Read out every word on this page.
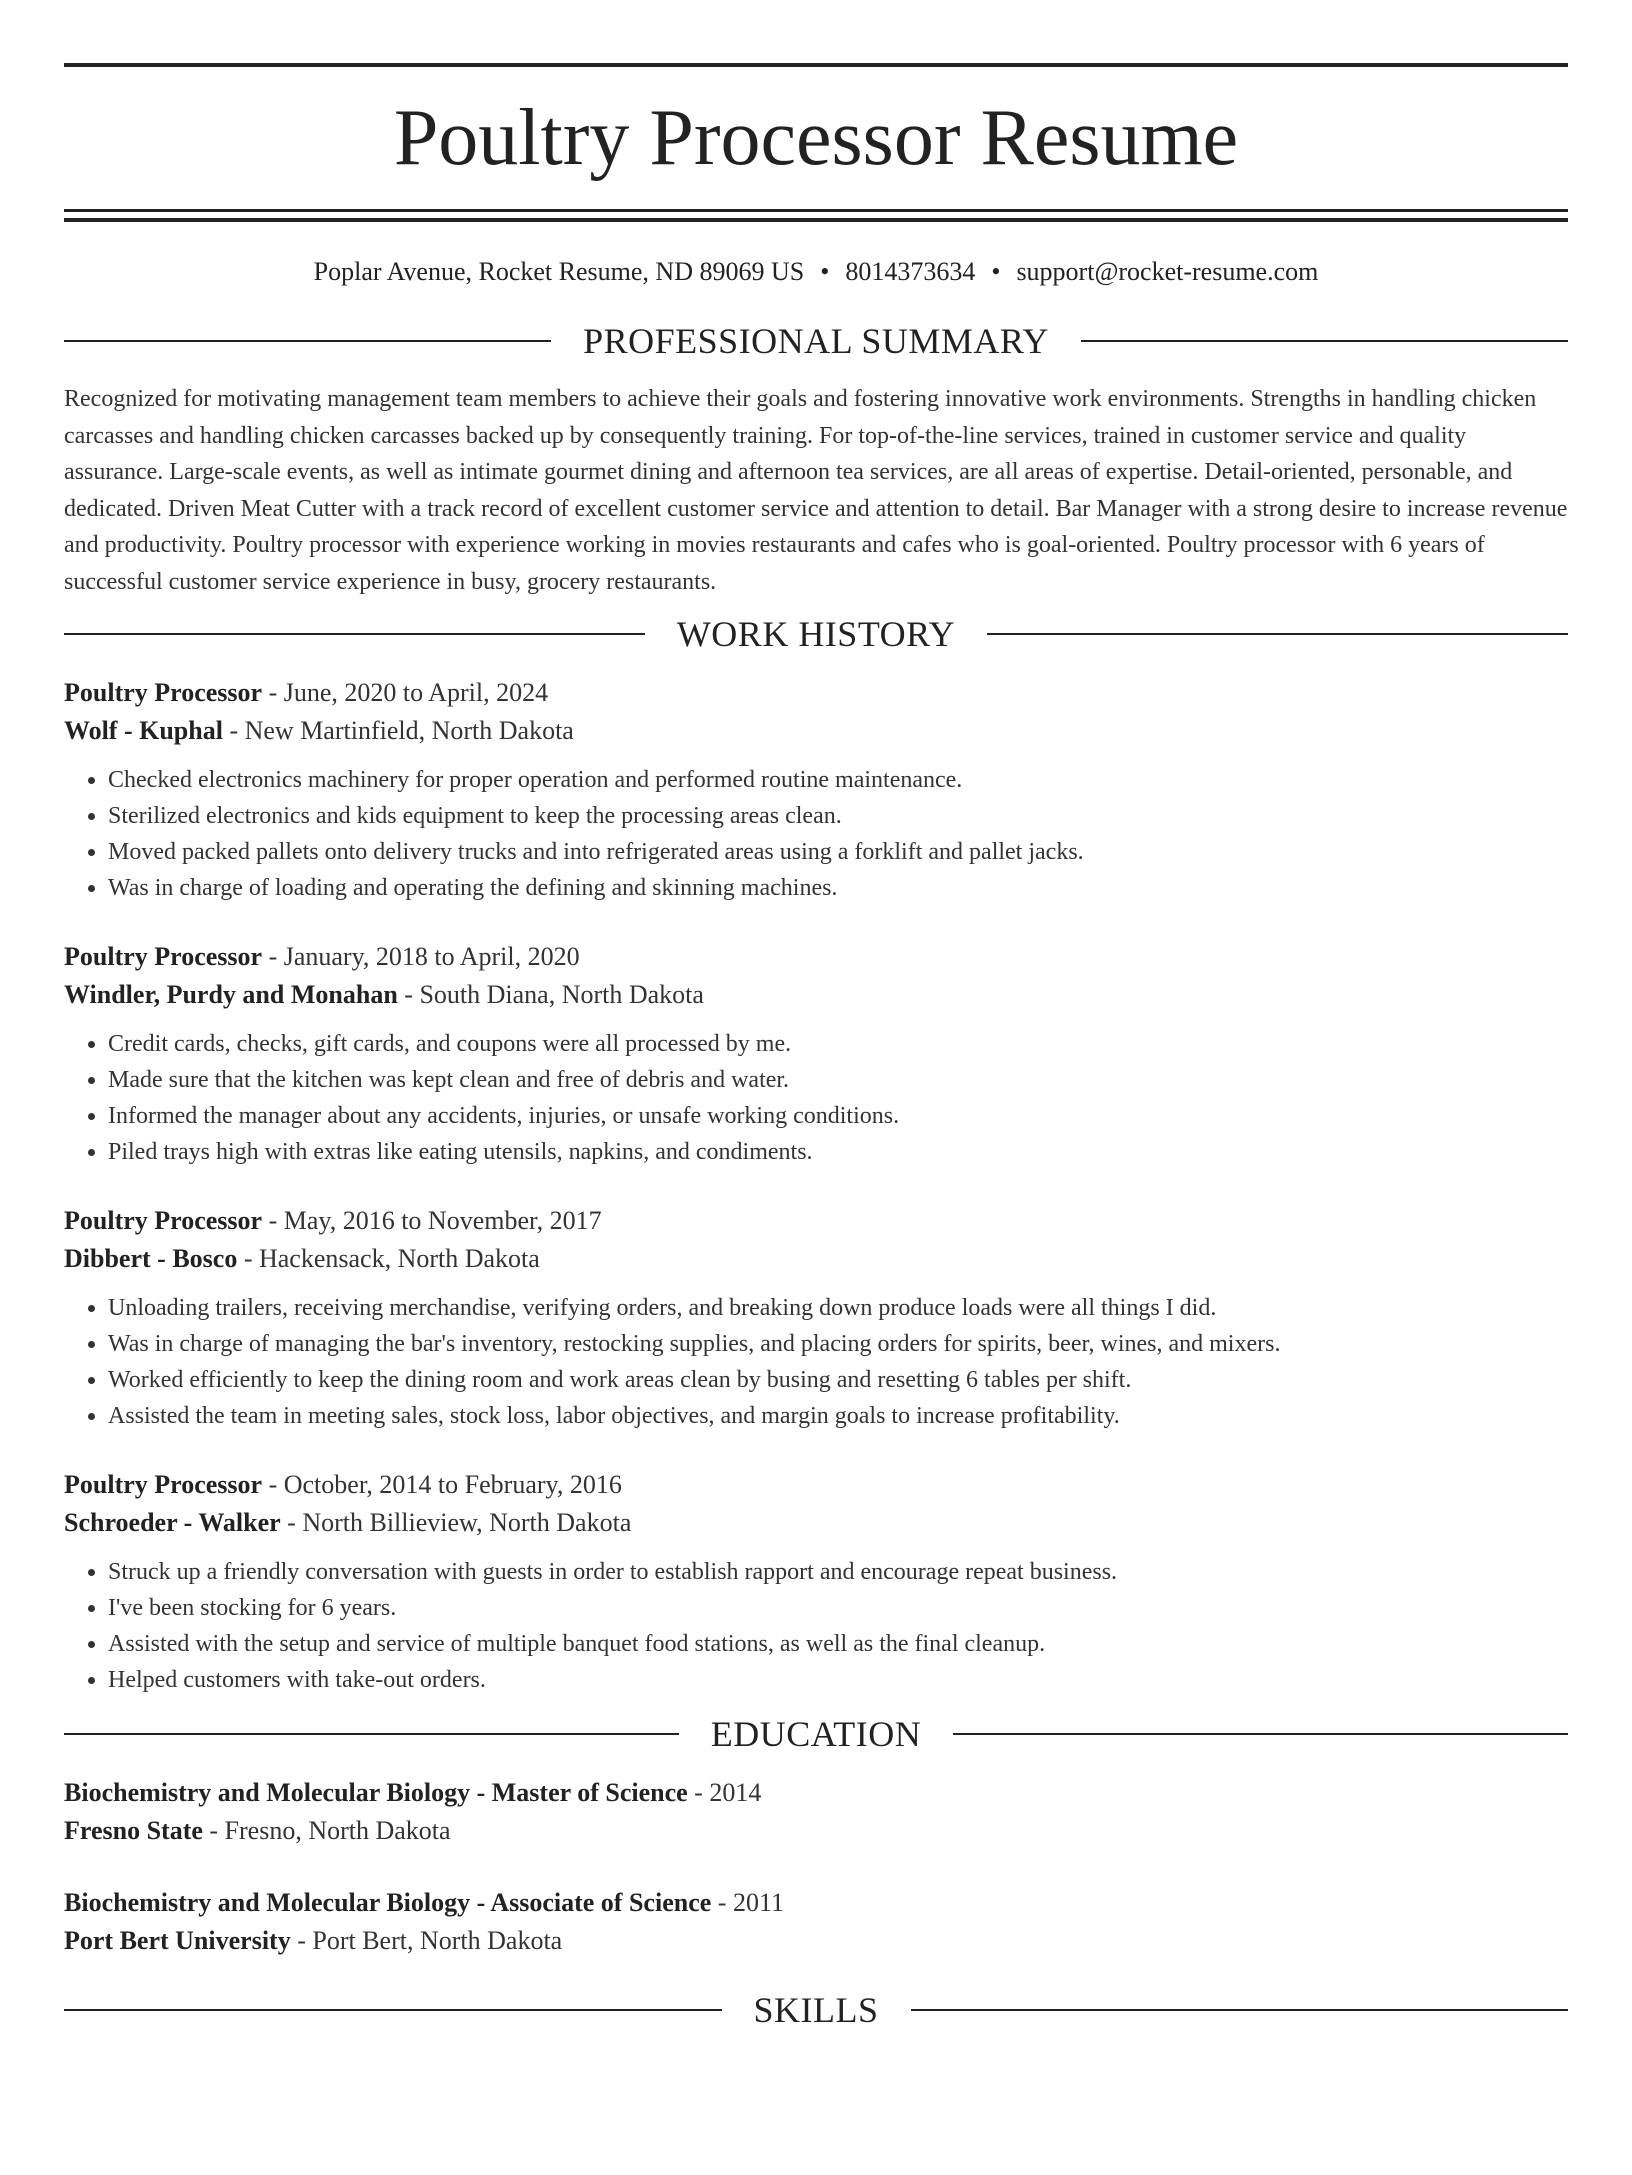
Poultry Processor Resume
Poplar Avenue, Rocket Resume, ND 89069 US • 8014373634 • support@rocket-resume.com
PROFESSIONAL SUMMARY

Recognized for motivating management team members to achieve their goals and fostering innovative work environments. Strengths in handling chicken carcasses and handling chicken carcasses backed up by consequently training. For top-of-the-line services, trained in customer service and quality assurance. Large-scale events, as well as intimate gourmet dining and afternoon tea services, are all areas of expertise. Detail-oriented, personable, and dedicated. Driven Meat Cutter with a track record of excellent customer service and attention to detail. Bar Manager with a strong desire to increase revenue and productivity. Poultry processor with experience working in movies restaurants and cafes who is goal-oriented. Poultry processor with 6 years of successful customer service experience in busy, grocery restaurants.

WORK HISTORY
Poultry Processor - June, 2020 to April, 2024
Wolf - Kuphal - New Martinfield, North Dakota
• Checked electronics machinery for proper operation and performed routine maintenance.
• Sterilized electronics and kids equipment to keep the processing areas clean.
• Moved packed pallets onto delivery trucks and into refrigerated areas using a forklift and pallet jacks.
• Was in charge of loading and operating the defining and skinning machines.
Poultry Processor - January, 2018 to April, 2020
Windler, Purdy and Monahan - South Diana, North Dakota
• Credit cards, checks, gift cards, and coupons were all processed by me.
• Made sure that the kitchen was kept clean and free of debris and water.
• Informed the manager about any accidents, injuries, or unsafe working conditions.
• Piled trays high with extras like eating utensils, napkins, and condiments.
Poultry Processor - May, 2016 to November, 2017
Dibbert - Bosco - Hackensack, North Dakota
• Unloading trailers, receiving merchandise, verifying orders, and breaking down produce loads were all things I did.
• Was in charge of managing the bar's inventory, restocking supplies, and placing orders for spirits, beer, wines, and mixers.
• Worked efficiently to keep the dining room and work areas clean by busing and resetting 6 tables per shift.
• Assisted the team in meeting sales, stock loss, labor objectives, and margin goals to increase profitability.
Poultry Processor - October, 2014 to February, 2016
Schroeder - Walker - North Billieview, North Dakota
• Struck up a friendly conversation with guests in order to establish rapport and encourage repeat business.
• I've been stocking for 6 years.
• Assisted with the setup and service of multiple banquet food stations, as well as the final cleanup.
• Helped customers with take-out orders.
EDUCATION
Biochemistry and Molecular Biology - Master of Science - 2014
Fresno State - Fresno, North Dakota
Biochemistry and Molecular Biology - Associate of Science - 2011
Port Bert University - Port Bert, North Dakota
SKILLS
